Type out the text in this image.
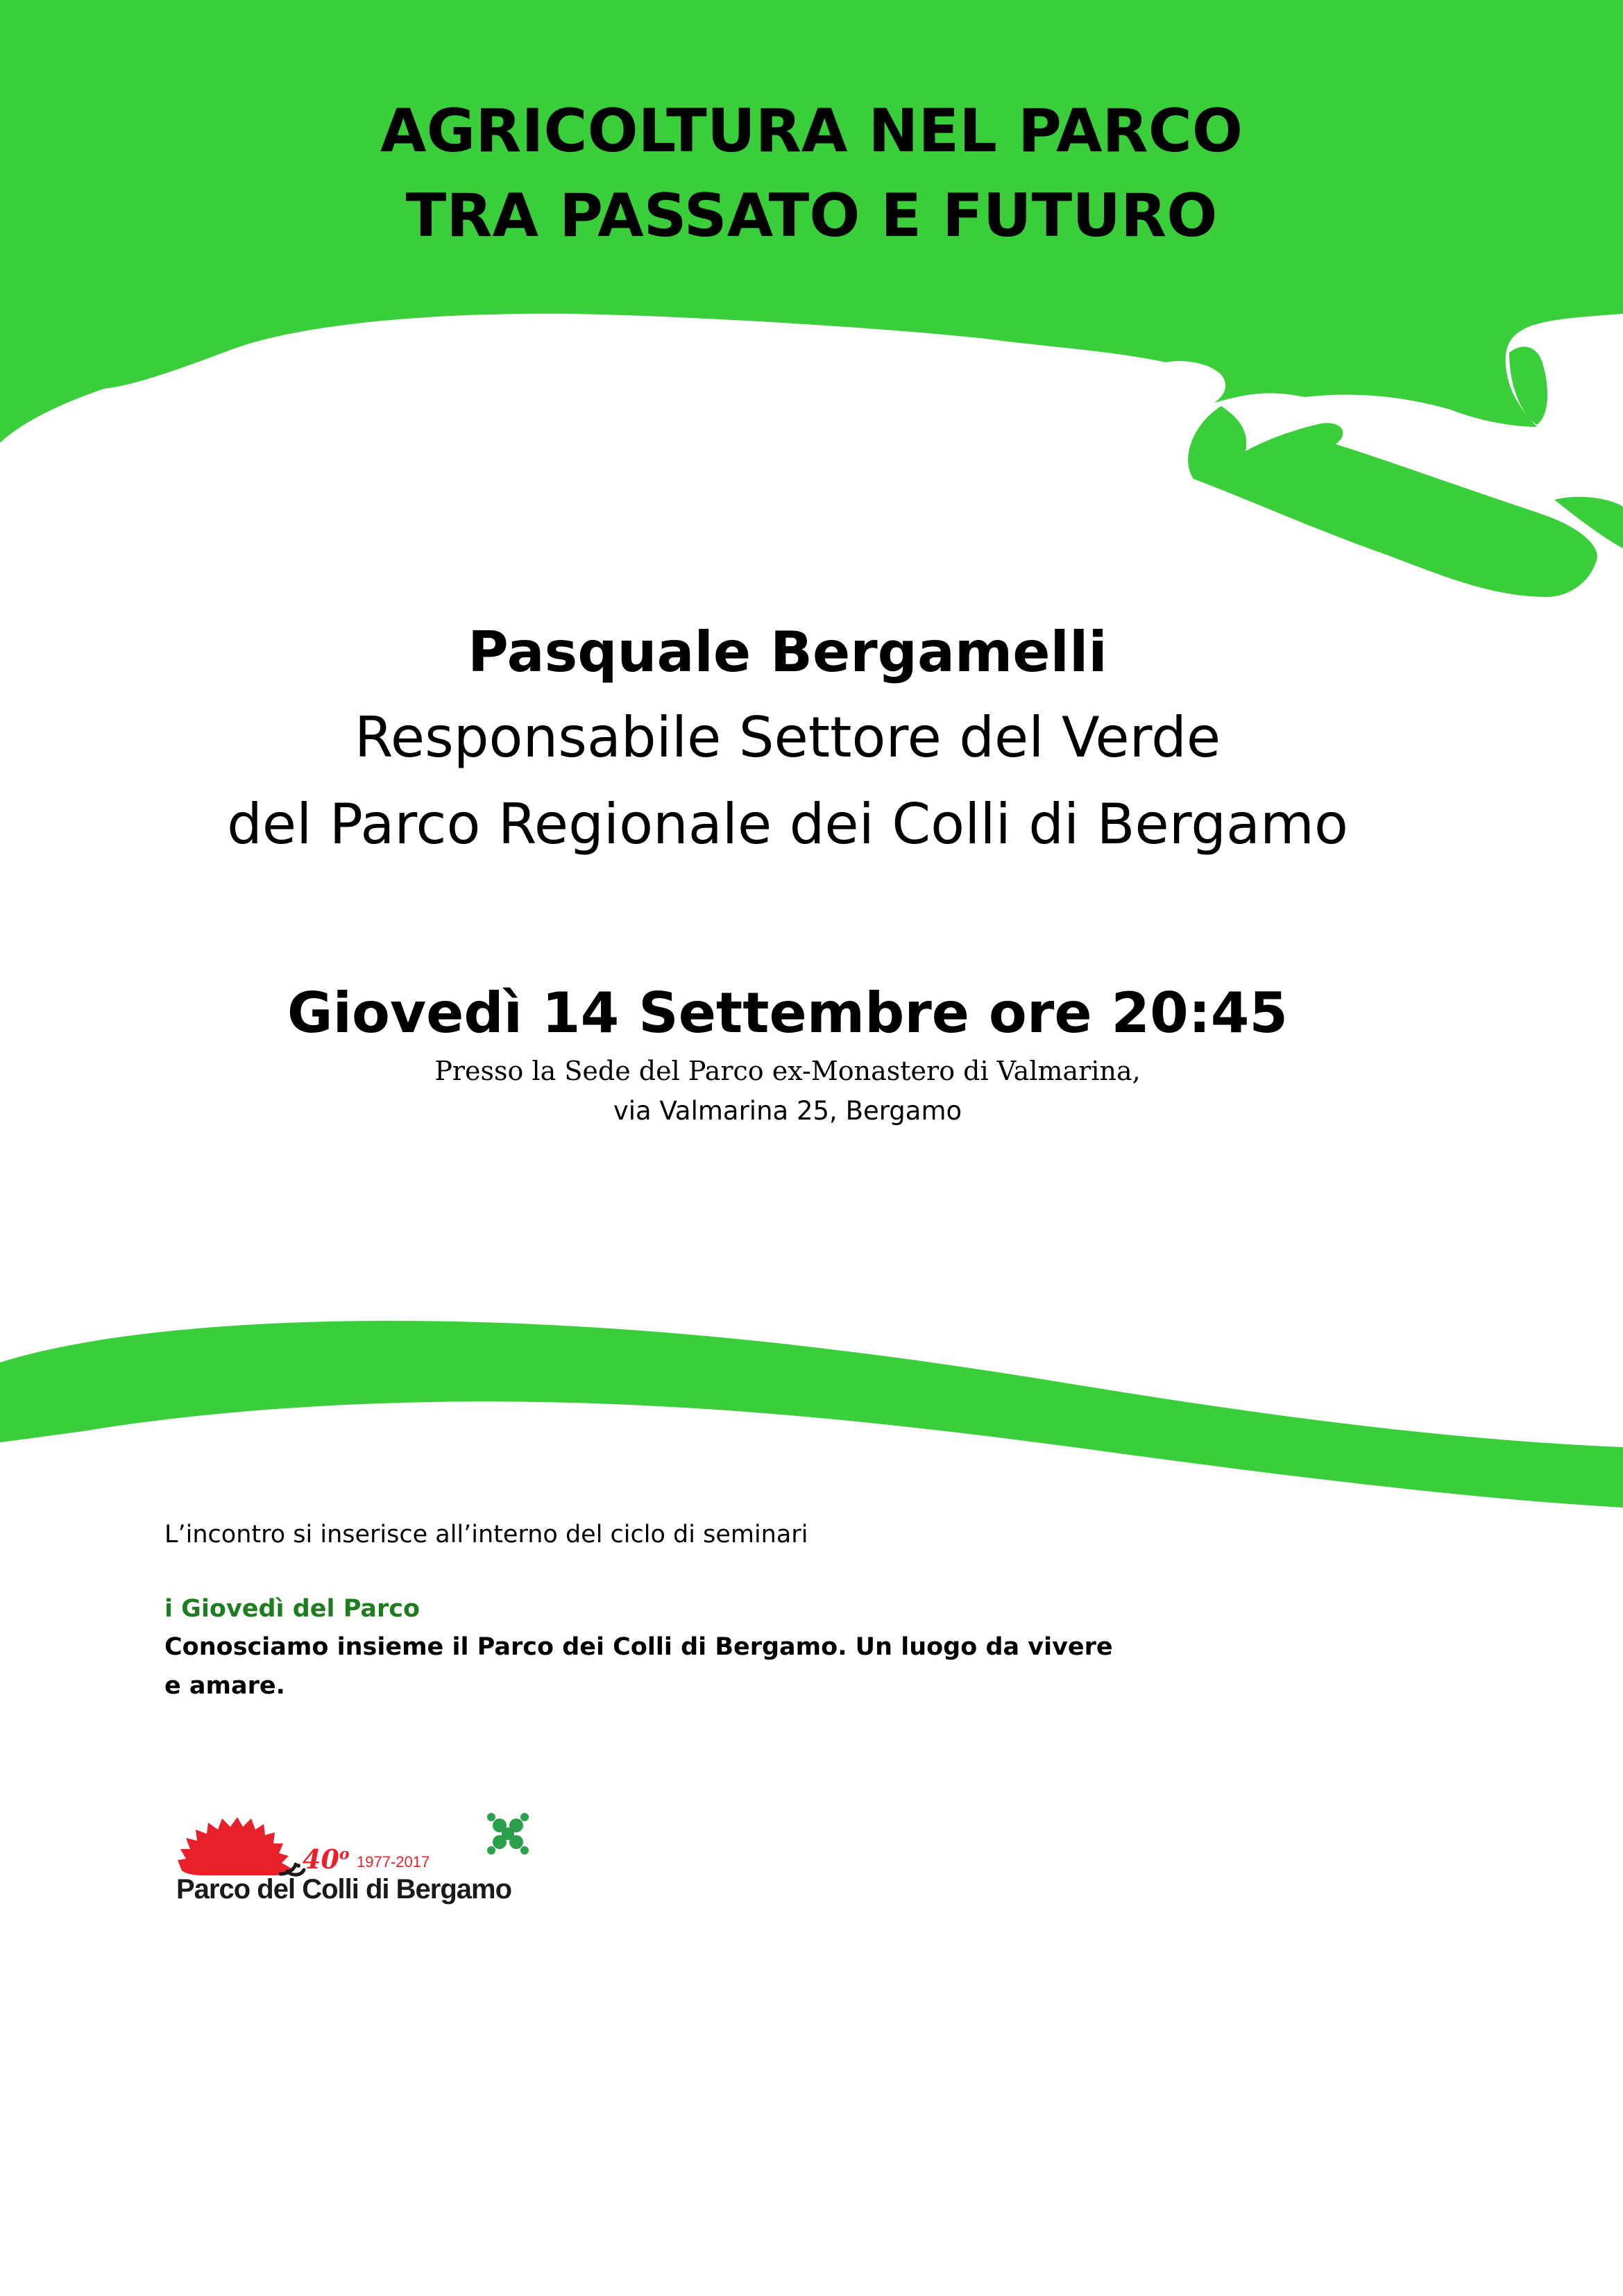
AGRICOLTURA NEL PARCO
TRA PASSATO E FUTURO
Pasquale Bergamelli
Responsabile Settore del Verde
del Parco Regionale dei Colli di Bergamo
Giovedì 14 Settembre ore 20:45
Presso la Sede del Parco ex-Monastero di Valmarina,
via Valmarina 25, Bergamo
L’incontro si inserisce all’interno del ciclo di seminari
i Giovedì del Parco
Conosciamo insieme il Parco dei Colli di Bergamo. Un luogo da vivere e amare.
40$^o$ 1977-2017
Parco del Colli di Bergamo
